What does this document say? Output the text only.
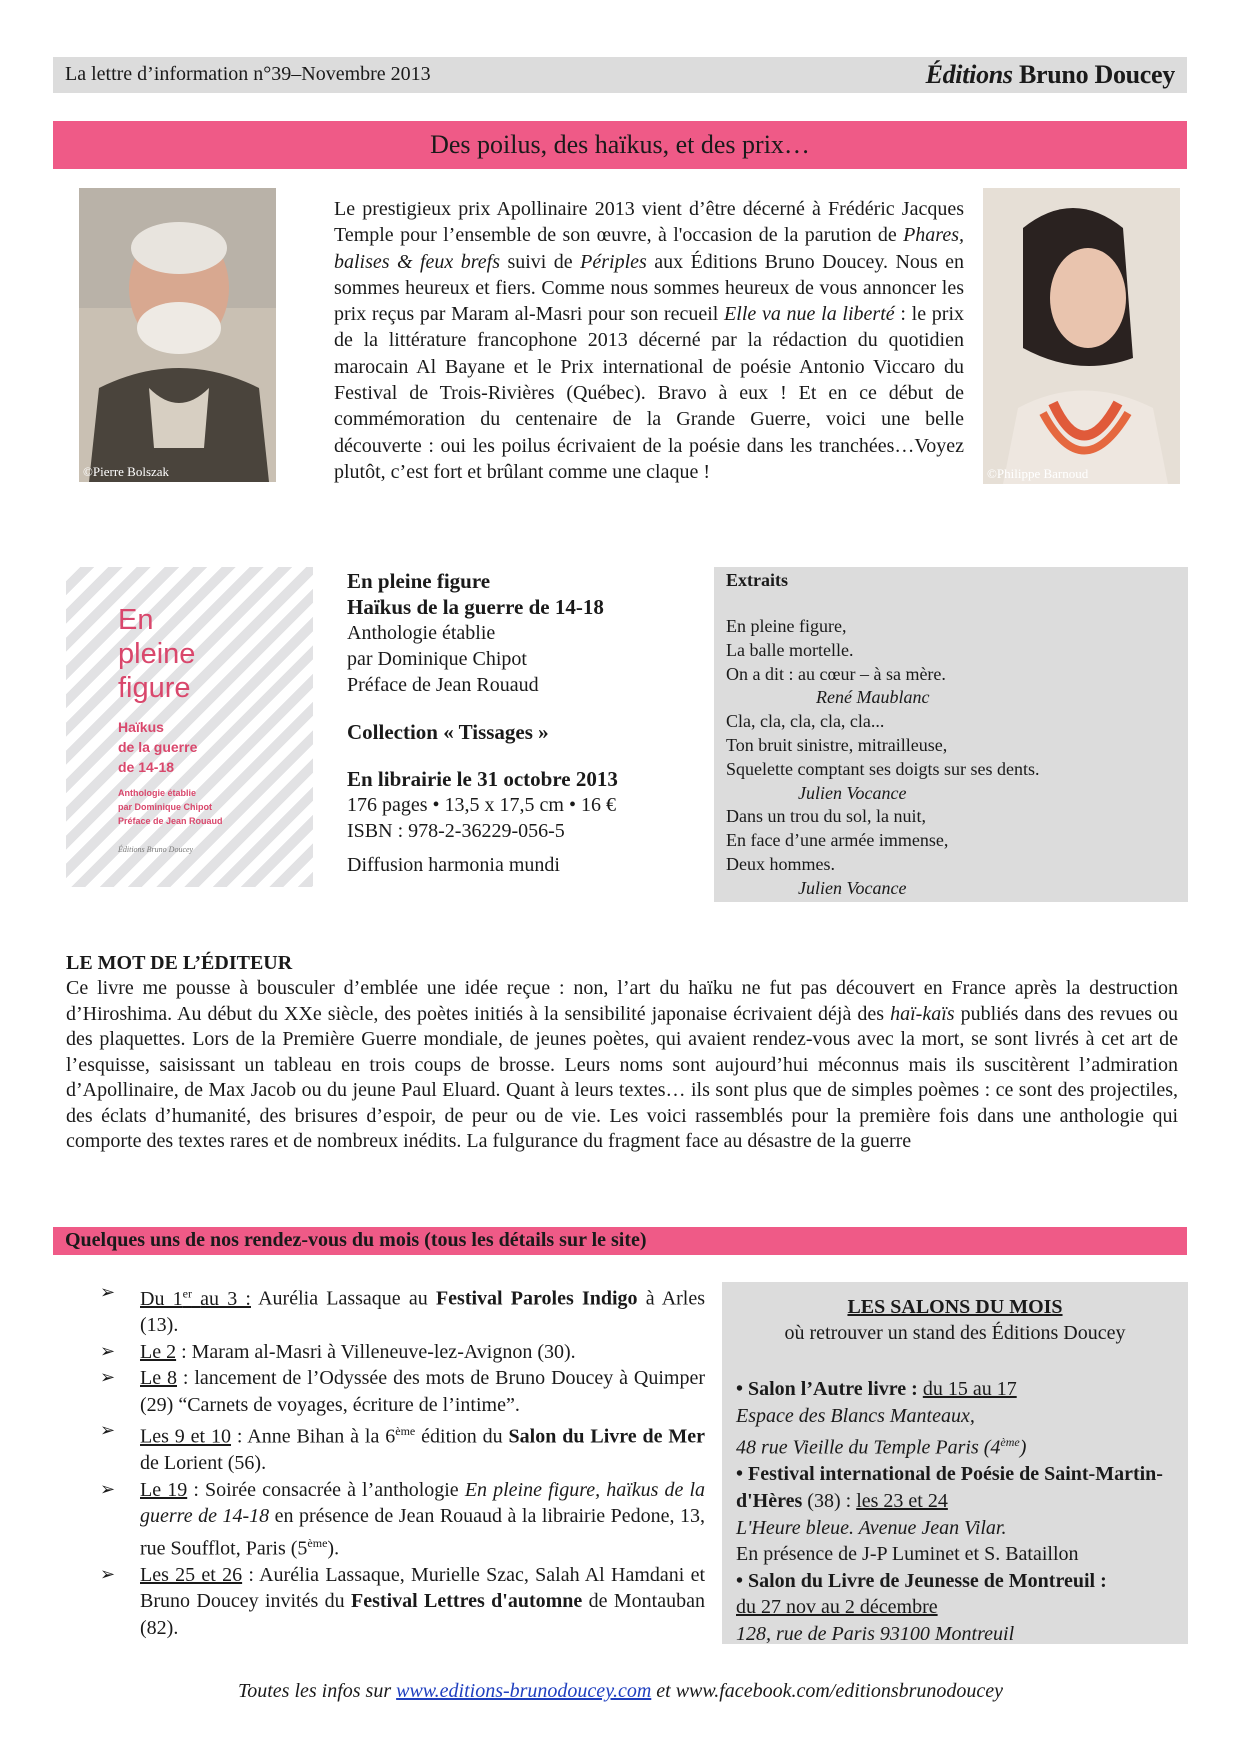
La lettre d’information n°39–Novembre 2013	Éditions Bruno Doucey
Des poilus, des haïkus, et des prix…
©Pierre Bolszak	©Philippe Barnoud
Le prestigieux prix Apollinaire 2013 vient d’être décerné à Frédéric Jacques Temple pour l’ensemble de son œuvre, à l'occasion de la parution de Phares, balises & feux brefs suivi de Périples aux Éditions Bruno Doucey. Nous en sommes heureux et fiers. Comme nous sommes heureux de vous annoncer les prix reçus par Maram al-Masri pour son recueil Elle va nue la liberté : le prix de la littérature francophone 2013 décerné par la rédaction du quotidien marocain Al Bayane et le Prix international de poésie Antonio Viccaro du Festival de Trois-Rivières (Québec). Bravo à eux ! Et en ce début de commémoration du centenaire de la Grande Guerre, voici une belle découverte : oui les poilus écrivaient de la poésie dans les tranchées…Voyez plutôt, c’est fort et brûlant comme une claque !
En
pleine
figure
Haïkus
de la guerre
de 14-18
Anthologie établie
par Dominique Chipot
Préface de Jean Rouaud
Éditions Bruno Doucey
En pleine figure
Haïkus de la guerre de 14-18
Anthologie établie
par Dominique Chipot
Préface de Jean Rouaud
Collection « Tissages »
En librairie le 31 octobre 2013
176 pages • 13,5 x 17,5 cm • 16 €
ISBN : 978-2-36229-056-5
Diffusion harmonia mundi
Extraits
En pleine figure,
La balle mortelle.
On a dit : au cœur – à sa mère.
René Maublanc
Cla, cla, cla, cla, cla...
Ton bruit sinistre, mitrailleuse,
Squelette comptant ses doigts sur ses dents.
Julien Vocance
Dans un trou du sol, la nuit,
En face d’une armée immense,
Deux hommes.
Julien Vocance
LE MOT DE L’ÉDITEUR
Ce livre me pousse à bousculer d’emblée une idée reçue : non, l’art du haïku ne fut pas découvert en France après la destruction d’Hiroshima. Au début du XXe siècle, des poètes initiés à la sensibilité japonaise écrivaient déjà des haï-kaïs publiés dans des revues ou des plaquettes. Lors de la Première Guerre mondiale, de jeunes poètes, qui avaient rendez-vous avec la mort, se sont livrés à cet art de l’esquisse, saisissant un tableau en trois coups de brosse. Leurs noms sont aujourd’hui méconnus mais ils suscitèrent l’admiration d’Apollinaire, de Max Jacob ou du jeune Paul Eluard. Quant à leurs textes… ils sont plus que de simples poèmes : ce sont des projectiles, des éclats d’humanité, des brisures d’espoir, de peur ou de vie. Les voici rassemblés pour la première fois dans une anthologie qui comporte des textes rares et de nombreux inédits. La fulgurance du fragment face au désastre de la guerre
Quelques uns de nos rendez-vous du mois (tous les détails sur le site)
➢ Du 1er au 3 : Aurélia Lassaque au Festival Paroles Indigo à Arles (13).
➢ Le 2 : Maram al-Masri à Villeneuve-lez-Avignon (30).
➢ Le 8 : lancement de l’Odyssée des mots de Bruno Doucey à Quimper (29) “Carnets de voyages, écriture de l’intime”.
➢ Les 9 et 10 : Anne Bihan à la 6ème édition du Salon du Livre de Mer de Lorient (56).
➢ Le 19 : Soirée consacrée à l’anthologie En pleine figure, haïkus de la guerre de 14-18 en présence de Jean Rouaud à la librairie Pedone, 13, rue Soufflot, Paris (5ème).
➢ Les 25 et 26 : Aurélia Lassaque, Murielle Szac, Salah Al Hamdani et Bruno Doucey invités du Festival Lettres d'automne de Montauban (82).
LES SALONS DU MOIS
où retrouver un stand des Éditions Doucey
• Salon l’Autre livre : du 15 au 17
Espace des Blancs Manteaux,
48 rue Vieille du Temple Paris (4ème)
• Festival international de Poésie de Saint-Martin-d'Hères (38) : les 23 et 24
L'Heure bleue. Avenue Jean Vilar.
En présence de J-P Luminet et S. Bataillon
• Salon du Livre de Jeunesse de Montreuil :
du 27 nov au 2 décembre
128, rue de Paris 93100 Montreuil
Toutes les infos sur www.editions-brunodoucey.com et www.facebook.com/editionsbrunodoucey
